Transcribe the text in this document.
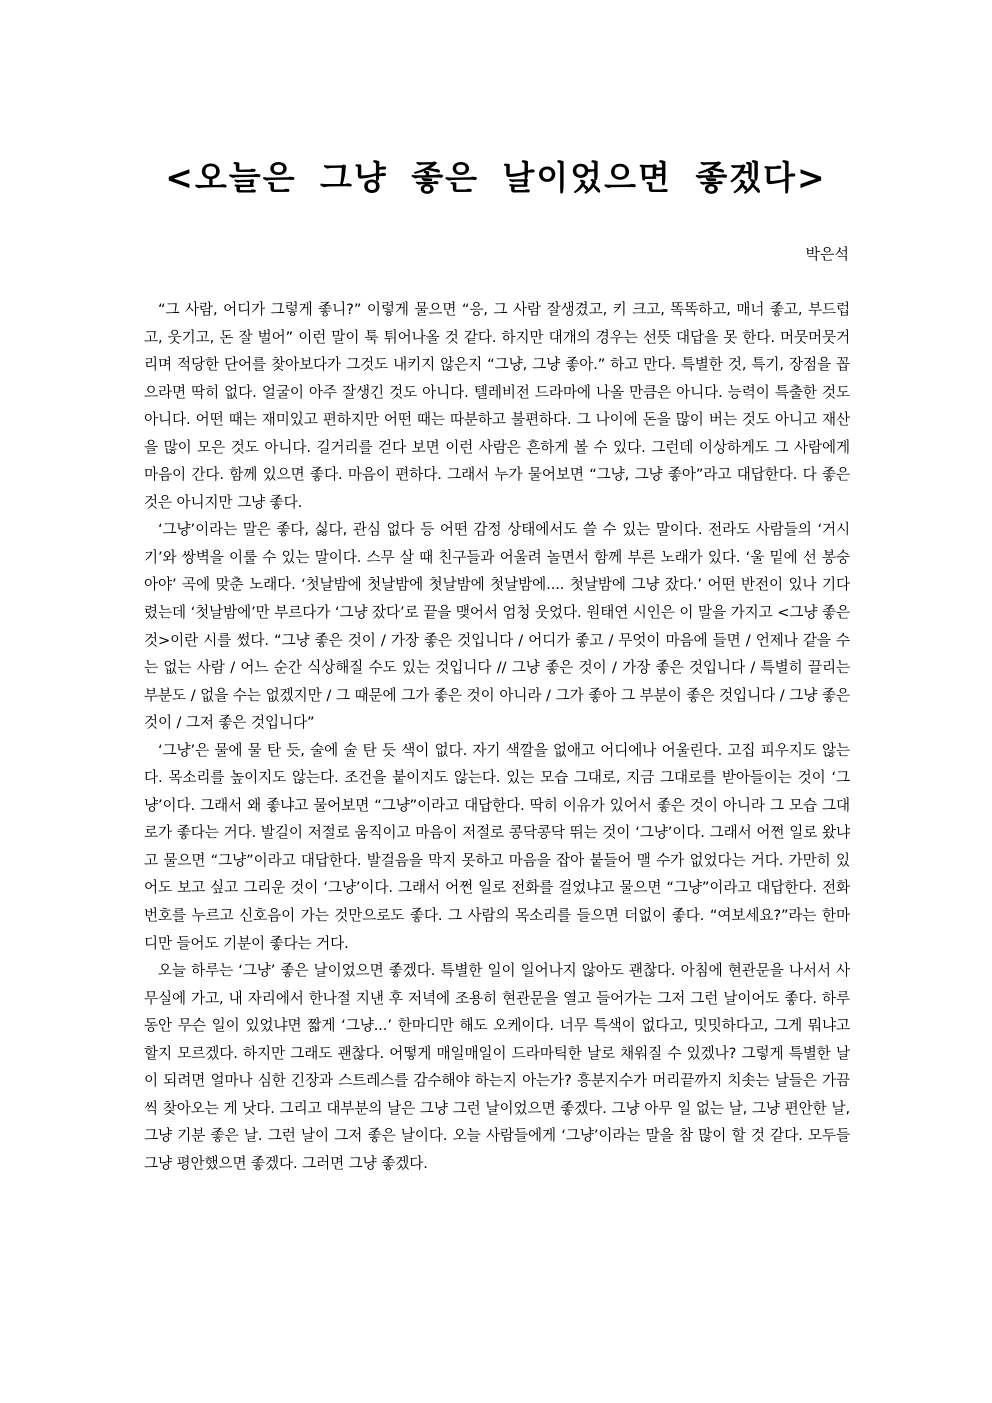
<오늘은 그냥 좋은 날이었으면 좋겠다>
박은석

“그 사람, 어디가 그렇게 좋니?” 이렇게 물으면 “응, 그 사람 잘생겼고, 키 크고, 똑똑하고, 매너 좋고, 부드럽고, 웃기고, 돈 잘 벌어” 이런 말이 툭 튀어나올 것 같다. 하지만 대개의 경우는 선뜻 대답을 못 한다. 머뭇머뭇거리며 적당한 단어를 찾아보다가 그것도 내키지 않은지 “그냥, 그냥 좋아.” 하고 만다. 특별한 것, 특기, 장점을 꼽으라면 딱히 없다. 얼굴이 아주 잘생긴 것도 아니다. 텔레비전 드라마에 나올 만큼은 아니다. 능력이 특출한 것도 아니다. 어떤 때는 재미있고 편하지만 어떤 때는 따분하고 불편하다. 그 나이에 돈을 많이 버는 것도 아니고 재산을 많이 모은 것도 아니다. 길거리를 걷다 보면 이런 사람은 흔하게 볼 수 있다. 그런데 이상하게도 그 사람에게 마음이 간다. 함께 있으면 좋다. 마음이 편하다. 그래서 누가 물어보면 “그냥, 그냥 좋아”라고 대답한다. 다 좋은 것은 아니지만 그냥 좋다.

‘그냥’이라는 말은 좋다, 싫다, 관심 없다 등 어떤 감정 상태에서도 쓸 수 있는 말이다. 전라도 사람들의 ‘거시기’와 쌍벽을 이룰 수 있는 말이다. 스무 살 때 친구들과 어울려 놀면서 함께 부른 노래가 있다. ‘울 밑에 선 봉숭아야’ 곡에 맞춘 노래다. ‘첫날밤에 첫날밤에 첫날밤에 첫날밤에.... 첫날밤에 그냥 잤다.’ 어떤 반전이 있나 기다렸는데 ‘첫날밤에’만 부르다가 ‘그냥 잤다’로 끝을 맺어서 엄청 웃었다. 원태연 시인은 이 말을 가지고 <그냥 좋은 것>이란 시를 썼다. “그냥 좋은 것이 / 가장 좋은 것입니다 / 어디가 좋고 / 무엇이 마음에 들면 / 언제나 같을 수는 없는 사람 / 어느 순간 식상해질 수도 있는 것입니다 // 그냥 좋은 것이 / 가장 좋은 것입니다 / 특별히 끌리는 부분도 / 없을 수는 없겠지만 / 그 때문에 그가 좋은 것이 아니라 / 그가 좋아 그 부분이 좋은 것입니다 / 그냥 좋은 것이 / 그저 좋은 것입니다”

‘그냥’은 물에 물 탄 듯, 술에 술 탄 듯 색이 없다. 자기 색깔을 없애고 어디에나 어울린다. 고집 피우지도 않는다. 목소리를 높이지도 않는다. 조건을 붙이지도 않는다. 있는 모습 그대로, 지금 그대로를 받아들이는 것이 ‘그냥’이다. 그래서 왜 좋냐고 물어보면 “그냥”이라고 대답한다. 딱히 이유가 있어서 좋은 것이 아니라 그 모습 그대로가 좋다는 거다. 발길이 저절로 움직이고 마음이 저절로 콩닥콩닥 뛰는 것이 ‘그냥’이다. 그래서 어쩐 일로 왔냐고 물으면 “그냥”이라고 대답한다. 발걸음을 막지 못하고 마음을 잡아 붙들어 맬 수가 없었다는 거다. 가만히 있어도 보고 싶고 그리운 것이 ‘그냥’이다. 그래서 어쩐 일로 전화를 걸었냐고 물으면 “그냥”이라고 대답한다. 전화번호를 누르고 신호음이 가는 것만으로도 좋다. 그 사람의 목소리를 들으면 더없이 좋다. “여보세요?”라는 한마디만 들어도 기분이 좋다는 거다.

오늘 하루는 ‘그냥’ 좋은 날이었으면 좋겠다. 특별한 일이 일어나지 않아도 괜찮다. 아침에 현관문을 나서서 사무실에 가고, 내 자리에서 한나절 지낸 후 저녁에 조용히 현관문을 열고 들어가는 그저 그런 날이어도 좋다. 하루 동안 무슨 일이 있었냐면 짧게 ‘그냥...’ 한마디만 해도 오케이다. 너무 특색이 없다고, 밋밋하다고, 그게 뭐냐고 할지 모르겠다. 하지만 그래도 괜찮다. 어떻게 매일매일이 드라마틱한 날로 채워질 수 있겠나? 그렇게 특별한 날이 되려면 얼마나 심한 긴장과 스트레스를 감수해야 하는지 아는가? 흥분지수가 머리끝까지 치솟는 날들은 가끔씩 찾아오는 게 낫다. 그리고 대부분의 날은 그냥 그런 날이었으면 좋겠다. 그냥 아무 일 없는 날, 그냥 편안한 날, 그냥 기분 좋은 날. 그런 날이 그저 좋은 날이다. 오늘 사람들에게 ‘그냥’이라는 말을 참 많이 할 것 같다. 모두들 그냥 평안했으면 좋겠다. 그러면 그냥 좋겠다.
